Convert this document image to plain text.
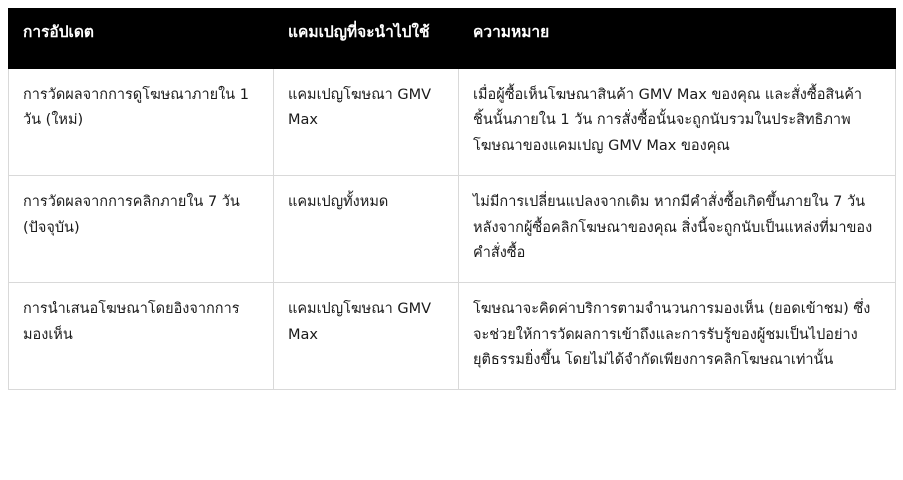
การอัปเดต	แคมเปญที่จะนำไปใช้	ความหมาย
การวัดผลจากการดูโฆษณาภายใน 1 วัน (ใหม่)	แคมเปญโฆษณา GMV Max	เมื่อผู้ซื้อเห็นโฆษณาสินค้า GMV Max ของคุณ และสั่งซื้อสินค้าชิ้นนั้นภายใน 1 วัน การสั่งซื้อนั้นจะถูกนับรวมในประสิทธิภาพโฆษณาของแคมเปญ GMV Max ของคุณ
การวัดผลจากการคลิกภายใน 7 วัน (ปัจจุบัน)	แคมเปญทั้งหมด	ไม่มีการเปลี่ยนแปลงจากเดิม หากมีคำสั่งซื้อเกิดขึ้นภายใน 7 วันหลังจากผู้ซื้อคลิกโฆษณาของคุณ สิ่งนี้จะถูกนับเป็นแหล่งที่มาของคำสั่งซื้อ
การนำเสนอโฆษณาโดยอิงจากการมองเห็น	แคมเปญโฆษณา GMV Max	โฆษณาจะคิดค่าบริการตามจำนวนการมองเห็น (ยอดเข้าชม) ซึ่งจะช่วยให้การวัดผลการเข้าถึงและการรับรู้ของผู้ชมเป็นไปอย่างยุติธรรมยิ่งขึ้น โดยไม่ได้จำกัดเพียงการคลิกโฆษณาเท่านั้น
